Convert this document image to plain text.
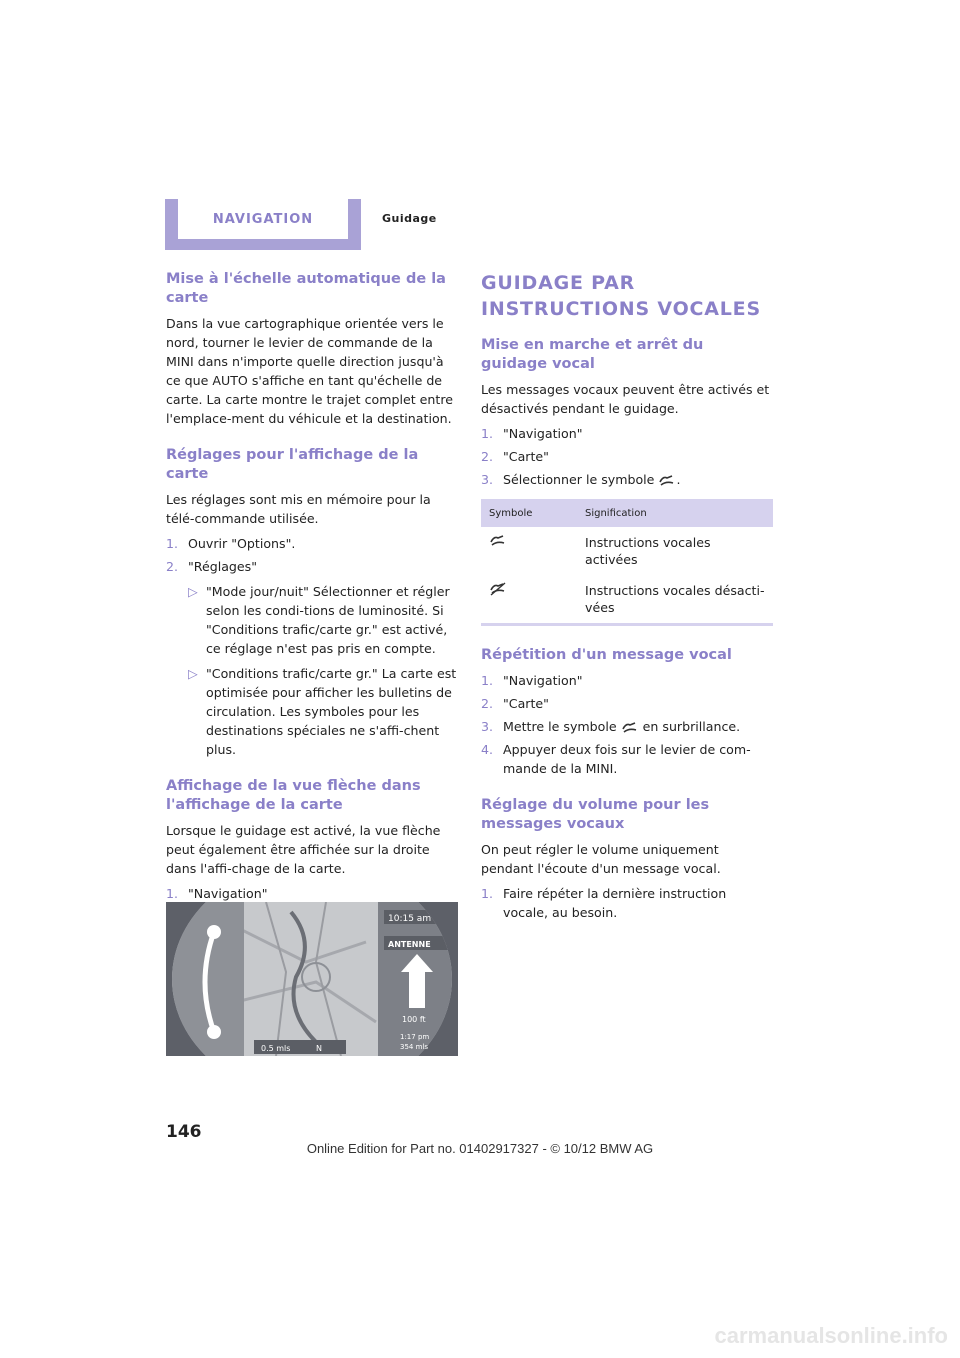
NAVIGATION	Guidage
Mise à l'échelle automatique de la carte

Dans la vue cartographique orientée vers le nord, tourner le levier de commande de la MINI dans n'importe quelle direction jusqu'à ce que AUTO s'affiche en tant qu'échelle de carte. La carte montre le trajet complet entre l'emplace-ment du véhicule et la destination.

Réglages pour l'affichage de la carte

Les réglages sont mis en mémoire pour la télé-commande utilisée.

1. Ouvrir "Options".
2. "Réglages"
▷ "Mode jour/nuit" Sélectionner et régler selon les condi-tions de luminosité. Si "Conditions trafic/carte gr." est activé, ce réglage n'est pas pris en compte.
▷ "Conditions trafic/carte gr." La carte est optimisée pour afficher les bulletins de circulation. Les symboles pour les destinations spéciales ne s'affi-chent plus.
Affichage de la vue flèche dans l'affichage de la carte

Lorsque le guidage est activé, la vue flèche peut également être affichée sur la droite dans l'affi-chage de la carte.

1. "Navigation"
10:15 am
ANTENNE
100 ft
1:17 pm
354 mls
0.5 mls	N
GUIDAGE PAR INSTRUCTIONS VOCALES
Mise en marche et arrêt du guidage vocal

Les messages vocaux peuvent être activés et désactivés pendant le guidage.

1. "Navigation"
2. "Carte"
3. Sélectionner le symbole .
Symbole	Signification
	Instructions vocales activées
	Instructions vocales désacti-vées
Répétition d'un message vocal
1. "Navigation"
2. "Carte"
3. Mettre le symbole en surbrillance.
4. Appuyer deux fois sur le levier de com-mande de la MINI.
Réglage du volume pour les messages vocaux

On peut régler le volume uniquement pendant l'écoute d'un message vocal.

1. Faire répéter la dernière instruction vocale, au besoin.
146
Online Edition for Part no. 01402917327 - © 10/12 BMW AG
carmanualsonline.info
